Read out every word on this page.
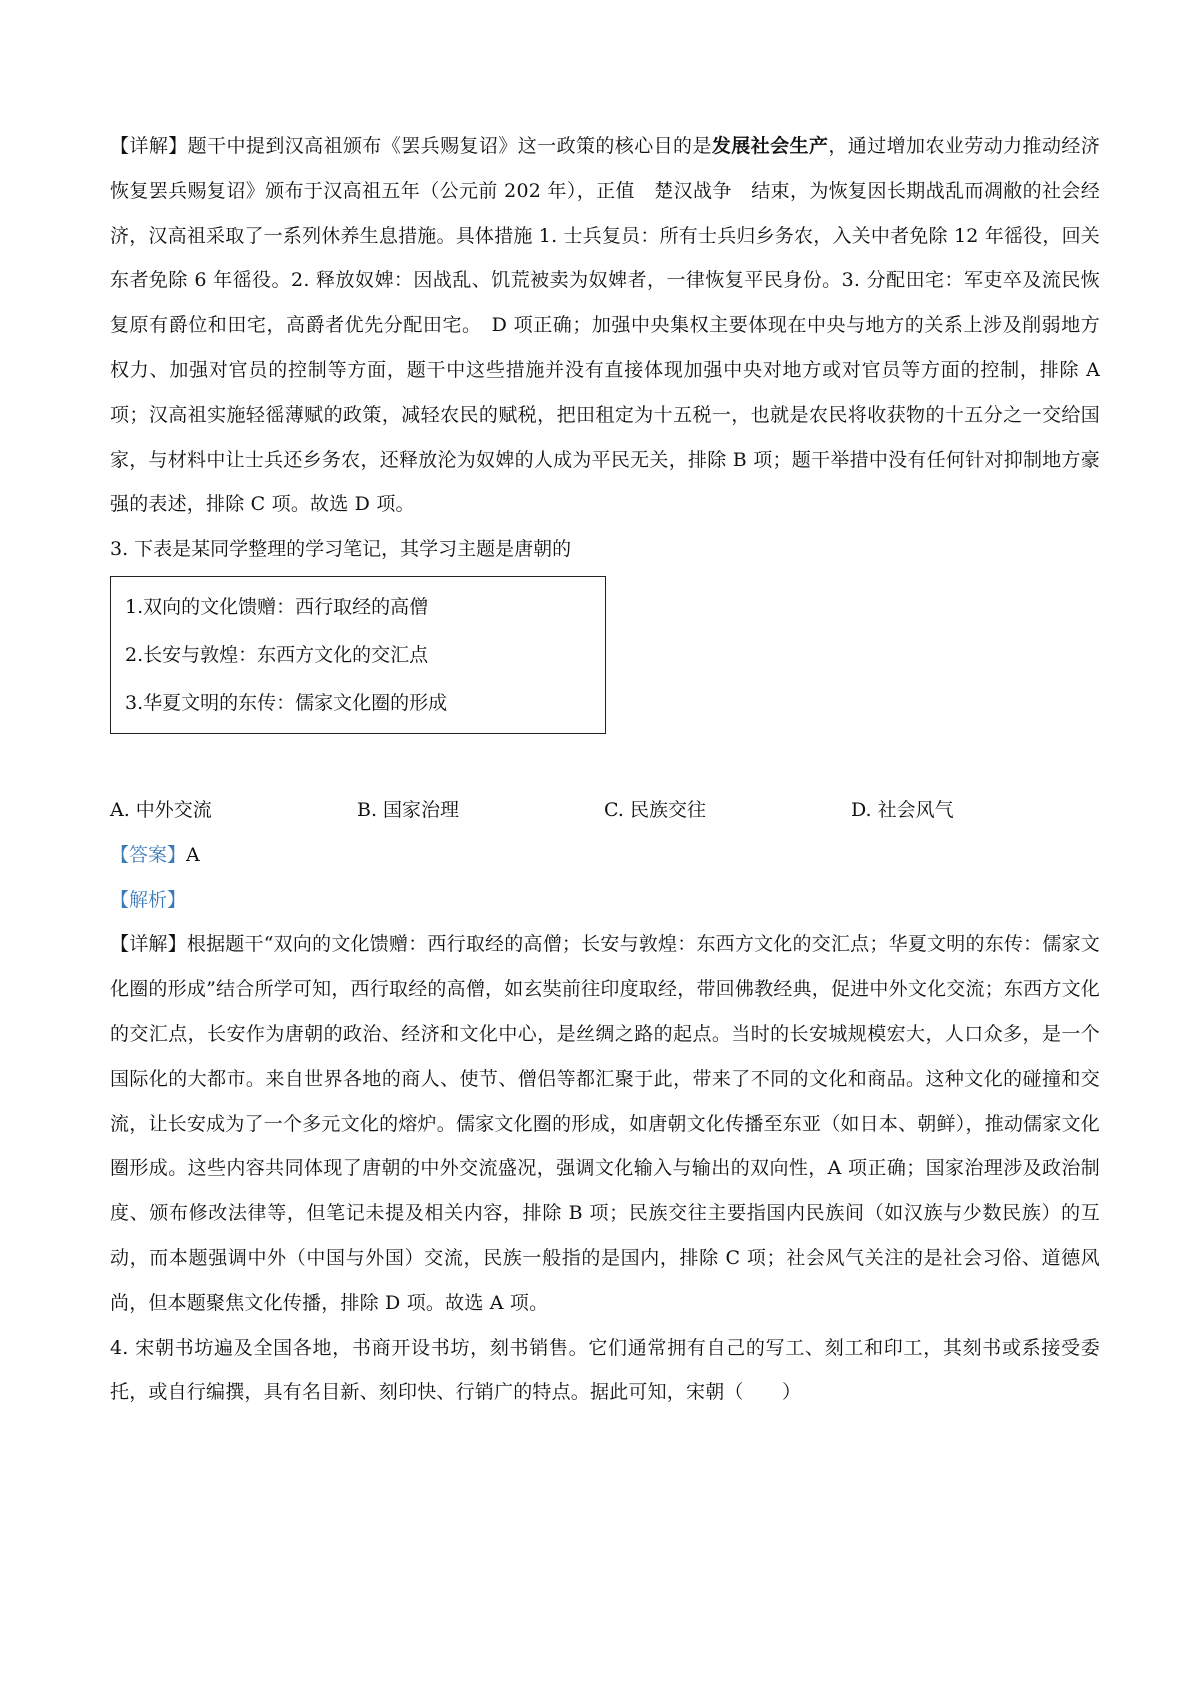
【详解】题干中提到汉高祖颁布《罢兵赐复诏》这一政策的核心目的是发展社会生产，通过增加农业劳动力推动经济恢复罢兵赐复诏》颁布于汉高祖五年（公元前 202 年），正值　楚汉战争　结束，为恢复因长期战乱而凋敝的社会经济，汉高祖采取了一系列休养生息措施。具体措施 1. 士兵复员：所有士兵归乡务农，入关中者免除 12 年徭役，回关东者免除 6 年徭役。2. 释放奴婢：因战乱、饥荒被卖为奴婢者，一律恢复平民身份。3. 分配田宅：军吏卒及流民恢复原有爵位和田宅，高爵者优先分配田宅。　D 项正确；加强中央集权主要体现在中央与地方的关系上涉及削弱地方权力、加强对官员的控制等方面，题干中这些措施并没有直接体现加强中央对地方或对官员等方面的控制，排除 A 项；汉高祖实施轻徭薄赋的政策，减轻农民的赋税，把田租定为十五税一，也就是农民将收获物的十五分之一交给国家，与材料中让士兵还乡务农，还释放沦为奴婢的人成为平民无关，排除 B 项；题干举措中没有任何针对抑制地方豪强的表述，排除 C 项。故选 D 项。

3. 下表是某同学整理的学习笔记，其学习主题是唐朝的

1.双向的文化馈赠：西行取经的高僧

2.长安与敦煌：东西方文化的交汇点

3.华夏文明的东传：儒家文化圈的形成

A. 中外交流	B. 国家治理	C. 民族交往	D. 社会风气

【答案】A

【解析】

【详解】根据题干“双向的文化馈赠：西行取经的高僧；长安与敦煌：东西方文化的交汇点；华夏文明的东传：儒家文化圈的形成”结合所学可知，西行取经的高僧，如玄奘前往印度取经，带回佛教经典，促进中外文化交流；东西方文化的交汇点，长安作为唐朝的政治、经济和文化中心，是丝绸之路的起点。当时的长安城规模宏大，人口众多，是一个国际化的大都市。来自世界各地的商人、使节、僧侣等都汇聚于此，带来了不同的文化和商品。这种文化的碰撞和交流，让长安成为了一个多元文化的熔炉。儒家文化圈的形成，如唐朝文化传播至东亚（如日本、朝鲜），推动儒家文化圈形成。这些内容共同体现了唐朝的中外交流盛况，强调文化输入与输出的双向性，A 项正确；国家治理涉及政治制度、颁布修改法律等，但笔记未提及相关内容，排除 B 项；民族交往主要指国内民族间（如汉族与少数民族）的互动，而本题强调中外（中国与外国）交流，民族一般指的是国内，排除 C 项；社会风气关注的是社会习俗、道德风尚，但本题聚焦文化传播，排除 D 项。故选 A 项。

4. 宋朝书坊遍及全国各地，书商开设书坊，刻书销售。它们通常拥有自己的写工、刻工和印工，其刻书或系接受委托，或自行编撰，具有名目新、刻印快、行销广的特点。据此可知，宋朝（　　）
